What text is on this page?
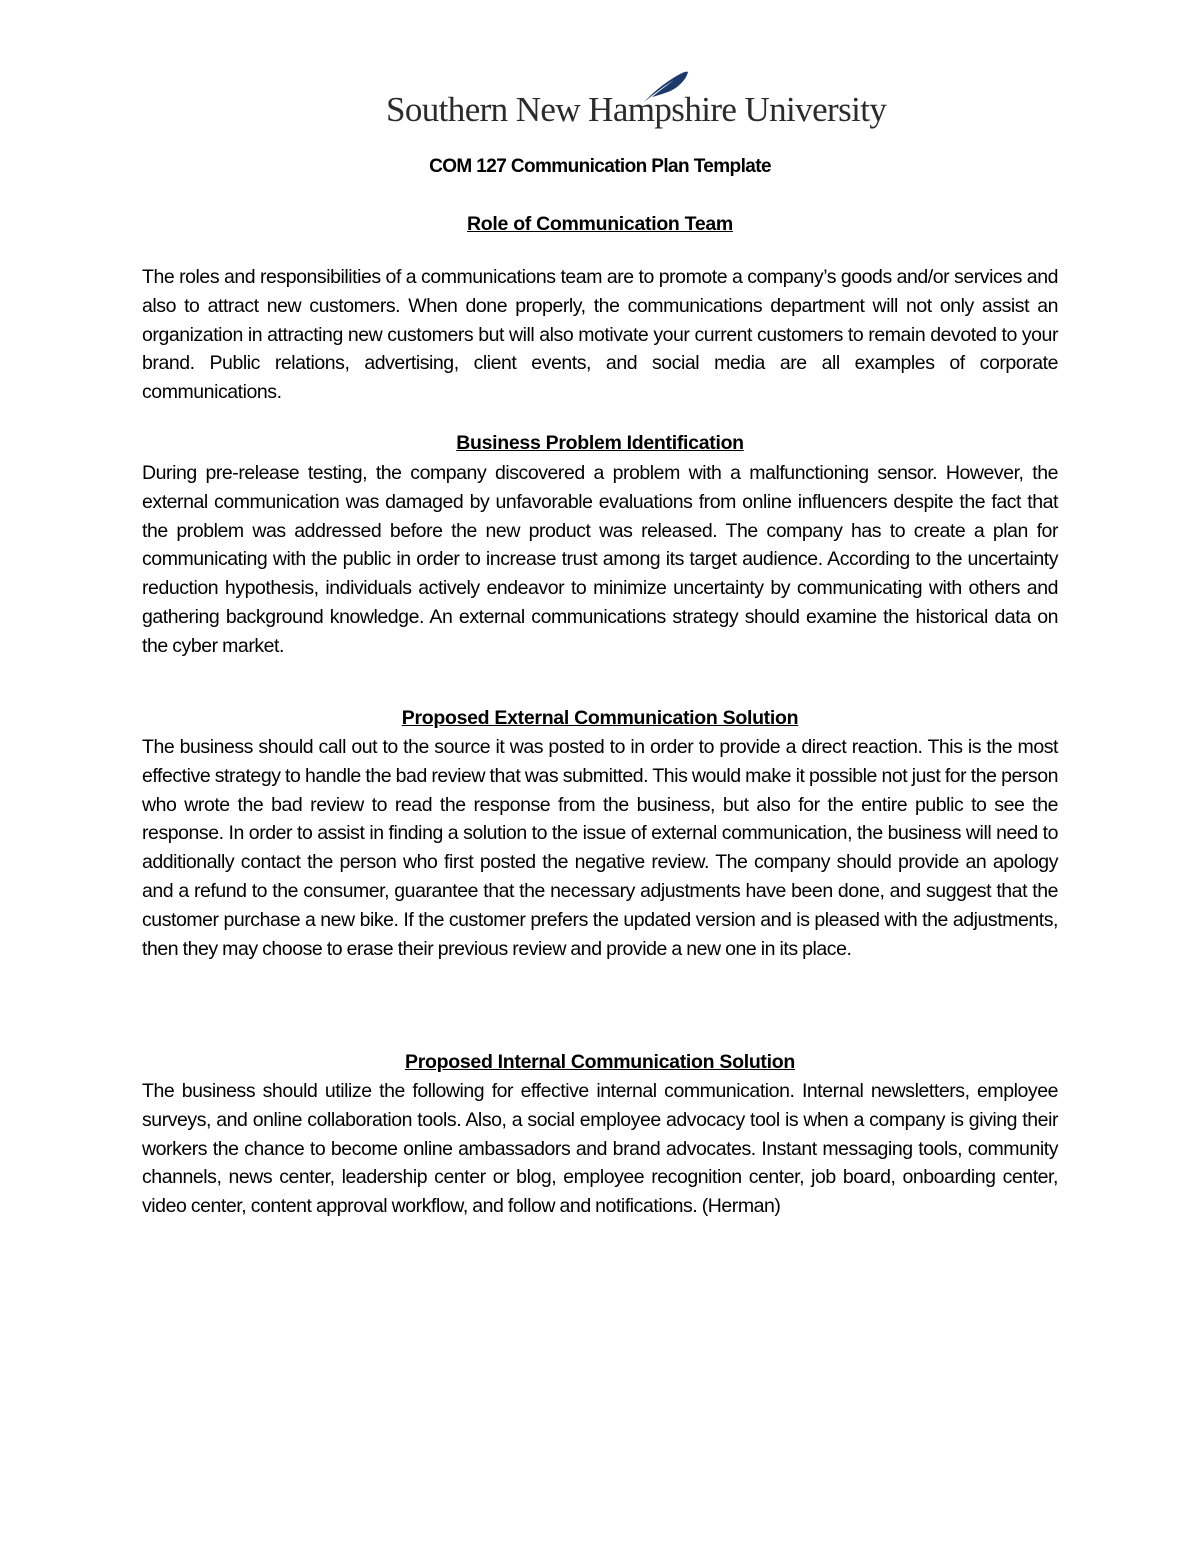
Southern New Hampshire University
COM 127 Communication Plan Template
Role of Communication Team
The roles and responsibilities of a communications team are to promote a company’s goods and/or services and also to attract new customers. When done properly, the communications department will not only assist an organization in attracting new customers but will also motivate your current customers to remain devoted to your brand. Public relations, advertising, client events, and social media are all examples of corporate communications.
Business Problem Identification
During pre-release testing, the company discovered a problem with a malfunctioning sensor. However, the external communication was damaged by unfavorable evaluations from online influencers despite the fact that the problem was addressed before the new product was released. The company has to create a plan for communicating with the public in order to increase trust among its target audience. According to the uncertainty reduction hypothesis, individuals actively endeavor to minimize uncertainty by communicating with others and gathering background knowledge. An external communications strategy should examine the historical data on the cyber market.
Proposed External Communication Solution
The business should call out to the source it was posted to in order to provide a direct reaction. This is the most effective strategy to handle the bad review that was submitted. This would make it possible not just for the person who wrote the bad review to read the response from the business, but also for the entire public to see the response. In order to assist in finding a solution to the issue of external communication, the business will need to additionally contact the person who first posted the negative review. The company should provide an apology and a refund to the consumer, guarantee that the necessary adjustments have been done, and suggest that the customer purchase a new bike. If the customer prefers the updated version and is pleased with the adjustments, then they may choose to erase their previous review and provide a new one in its place.
Proposed Internal Communication Solution
The business should utilize the following for effective internal communication. Internal newsletters, employee surveys, and online collaboration tools. Also, a social employee advocacy tool is when a company is giving their workers the chance to become online ambassadors and brand advocates. Instant messaging tools, community channels, news center, leadership center or blog, employee recognition center, job board, onboarding center, video center, content approval workflow, and follow and notifications. (Herman)
